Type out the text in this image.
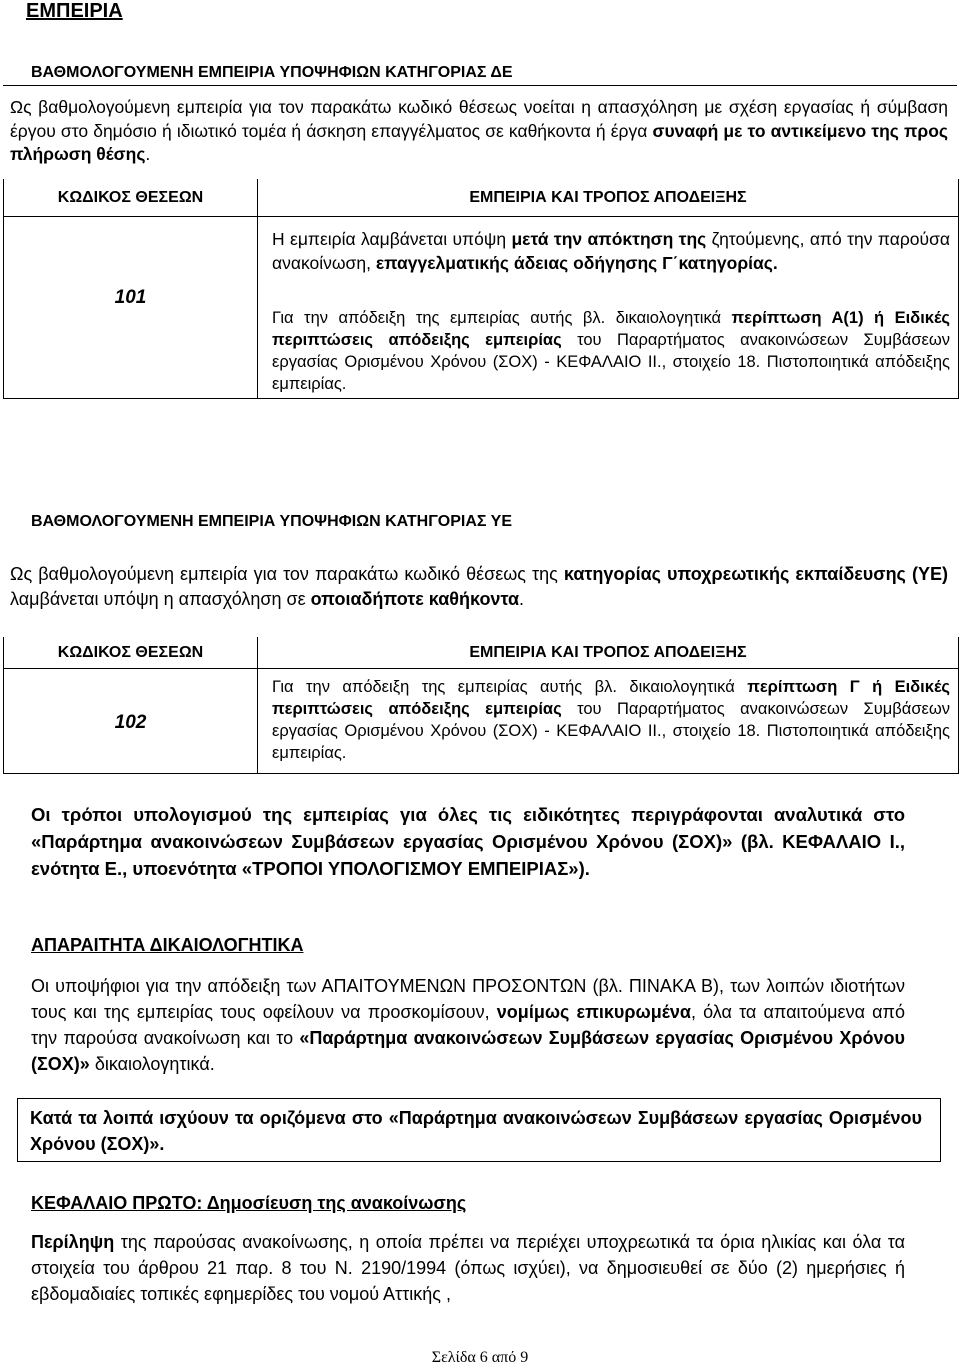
ΕΜΠΕΙΡΙΑ
ΒΑΘΜΟΛΟΓΟΥΜΕΝΗ ΕΜΠΕΙΡΙΑ ΥΠΟΨΗΦΙΩΝ ΚΑΤΗΓΟΡΙΑΣ ΔΕ
Ως βαθμολογούμενη εμπειρία για τον παρακάτω κωδικό θέσεως νοείται η απασχόληση με σχέση εργασίας ή σύμβαση έργου στο δημόσιο ή ιδιωτικό τομέα ή άσκηση επαγγέλματος σε καθήκοντα ή έργα συναφή με το αντικείμενο της προς πλήρωση θέσης.
ΚΩΔΙΚΟΣ ΘΕΣΕΩΝ	ΕΜΠΕΙΡΙΑ ΚΑΙ ΤΡΟΠΟΣ ΑΠΟΔΕΙΞΗΣ
101
Η εμπειρία λαμβάνεται υπόψη μετά την απόκτηση της ζητούμενης, από την παρούσα ανακοίνωση, επαγγελματικής άδειας οδήγησης Γ΄κατηγορίας.
Για την απόδειξη της εμπειρίας αυτής βλ. δικαιολογητικά περίπτωση Α(1) ή Ειδικές περιπτώσεις απόδειξης εμπειρίας του Παραρτήματος ανακοινώσεων Συμβάσεων εργασίας Ορισμένου Χρόνου (ΣΟΧ) - ΚΕΦΑΛΑΙΟ ΙΙ., στοιχείο 18. Πιστοποιητικά απόδειξης εμπειρίας.
ΒΑΘΜΟΛΟΓΟΥΜΕΝΗ ΕΜΠΕΙΡΙΑ ΥΠΟΨΗΦΙΩΝ ΚΑΤΗΓΟΡΙΑΣ ΥΕ
Ως βαθμολογούμενη εμπειρία για τον παρακάτω κωδικό θέσεως της κατηγορίας υποχρεωτικής εκπαίδευσης (ΥΕ) λαμβάνεται υπόψη η απασχόληση σε οποιαδήποτε καθήκοντα.
ΚΩΔΙΚΟΣ ΘΕΣΕΩΝ	ΕΜΠΕΙΡΙΑ ΚΑΙ ΤΡΟΠΟΣ ΑΠΟΔΕΙΞΗΣ
102
Για την απόδειξη της εμπειρίας αυτής βλ. δικαιολογητικά περίπτωση Γ ή Ειδικές περιπτώσεις απόδειξης εμπειρίας του Παραρτήματος ανακοινώσεων Συμβάσεων εργασίας Ορισμένου Χρόνου (ΣΟΧ) - ΚΕΦΑΛΑΙΟ ΙΙ., στοιχείο 18. Πιστοποιητικά απόδειξης εμπειρίας.
Οι τρόποι υπολογισμού της εμπειρίας για όλες τις ειδικότητες περιγράφονται αναλυτικά στο «Παράρτημα ανακοινώσεων Συμβάσεων εργασίας Ορισμένου Χρόνου (ΣΟΧ)» (βλ. ΚΕΦΑΛΑΙΟ Ι., ενότητα Ε., υποενότητα «ΤΡΟΠΟΙ ΥΠΟΛΟΓΙΣΜΟΥ ΕΜΠΕΙΡΙΑΣ»).
ΑΠΑΡΑΙΤΗΤΑ ΔΙΚΑΙΟΛΟΓΗΤΙΚΑ
Οι υποψήφιοι για την απόδειξη των ΑΠΑΙΤΟΥΜΕΝΩΝ ΠΡΟΣΟΝΤΩΝ (βλ. ΠΙΝΑΚΑ Β), των λοιπών ιδιοτήτων τους και της εμπειρίας τους οφείλουν να προσκομίσουν, νομίμως επικυρωμένα, όλα τα απαιτούμενα από την παρούσα ανακοίνωση και το «Παράρτημα ανακοινώσεων Συμβάσεων εργασίας Ορισμένου Χρόνου (ΣΟΧ)» δικαιολογητικά.
Κατά τα λοιπά ισχύουν τα οριζόμενα στο «Παράρτημα ανακοινώσεων Συμβάσεων εργασίας Ορισμένου Χρόνου (ΣΟΧ)».
ΚΕΦΑΛΑΙΟ ΠΡΩΤΟ: Δημοσίευση της ανακοίνωσης
Περίληψη της παρούσας ανακοίνωσης, η οποία πρέπει να περιέχει υποχρεωτικά τα όρια ηλικίας και όλα τα στοιχεία του άρθρου 21 παρ. 8 του Ν. 2190/1994 (όπως ισχύει), να δημοσιευθεί σε δύο (2) ημερήσιες ή εβδομαδιαίες τοπικές εφημερίδες του νομού Αττικής ,
Σελίδα 6 από 9
